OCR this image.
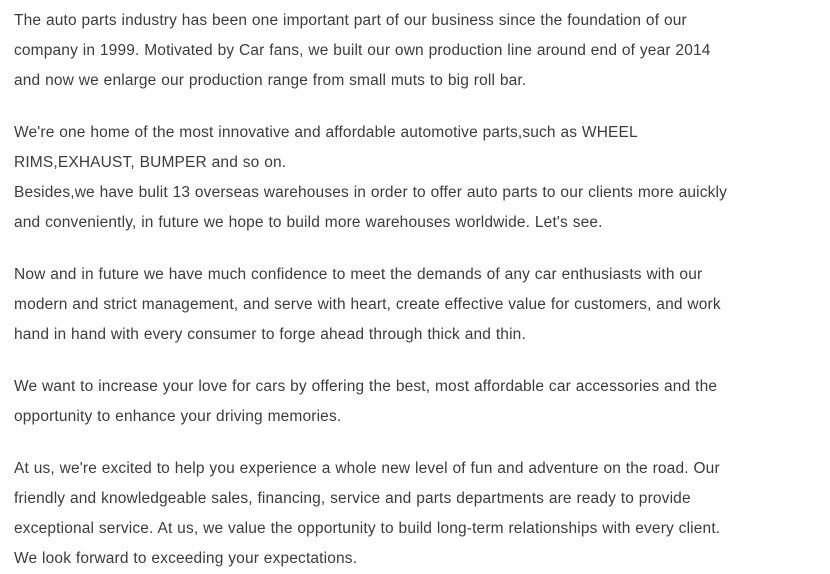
The auto parts industry has been one important part of our business since the foundation of our
company in 1999. Motivated by Car fans, we built our own production line around end of year 2014
and now we enlarge our production range from small muts to big roll bar.

We're one home of the most innovative and affordable automotive parts,such as WHEEL
RIMS,EXHAUST, BUMPER and so on.
Besides,we have bulit 13 overseas warehouses in order to offer auto parts to our clients more auickly
and conveniently, in future we hope to build more warehouses worldwide. Let's see.

Now and in future we have much confidence to meet the demands of any car enthusiasts with our
modern and strict management, and serve with heart, create effective value for customers, and work
hand in hand with every consumer to forge ahead through thick and thin.

We want to increase your love for cars by offering the best, most affordable car accessories and the
opportunity to enhance your driving memories.

At us, we're excited to help you experience a whole new level of fun and adventure on the road. Our
friendly and knowledgeable sales, financing, service and parts departments are ready to provide
exceptional service. At us, we value the opportunity to build long-term relationships with every client.
We look forward to exceeding your expectations.
